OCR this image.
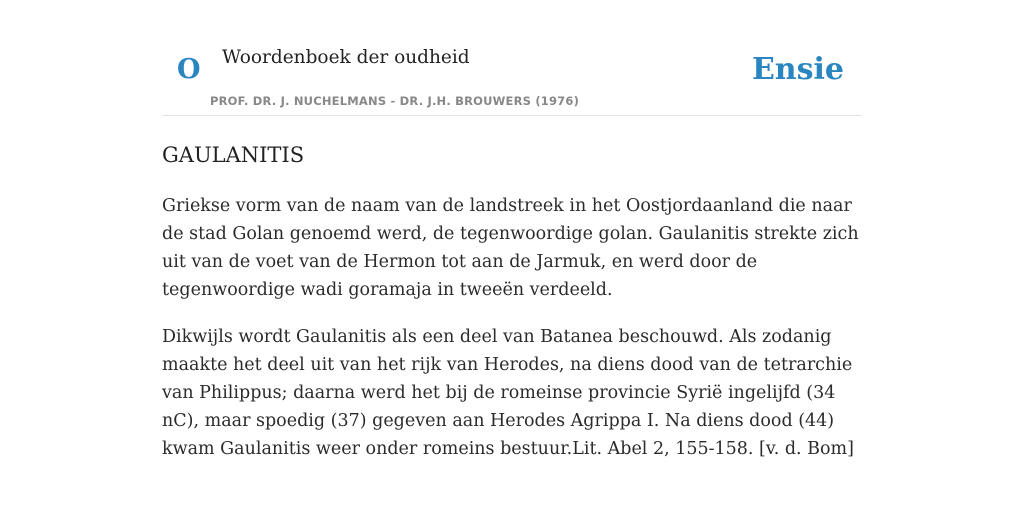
O Woordenboek der oudheid
PROF. DR. J. NUCHELMANS - DR. J.H. BROUWERS (1976)
Ensie
GAULANITIS

Griekse vorm van de naam van de landstreek in het Oostjordaanland die naar de stad Golan genoemd werd, de tegenwoordige golan. Gaulanitis strekte zich uit van de voet van de Hermon tot aan de Jarmuk, en werd door de tegenwoordige wadi goramaja in tweeën verdeeld.

Dikwijls wordt Gaulanitis als een deel van Batanea beschouwd. Als zodanig maakte het deel uit van het rijk van Herodes, na diens dood van de tetrarchie van Philippus; daarna werd het bij de romeinse provincie Syrië ingelijfd (34 nC), maar spoedig (37) gegeven aan Herodes Agrippa I. Na diens dood (44) kwam Gaulanitis weer onder romeins bestuur.Lit. Abel 2, 155-158. [v. d. Bom]
